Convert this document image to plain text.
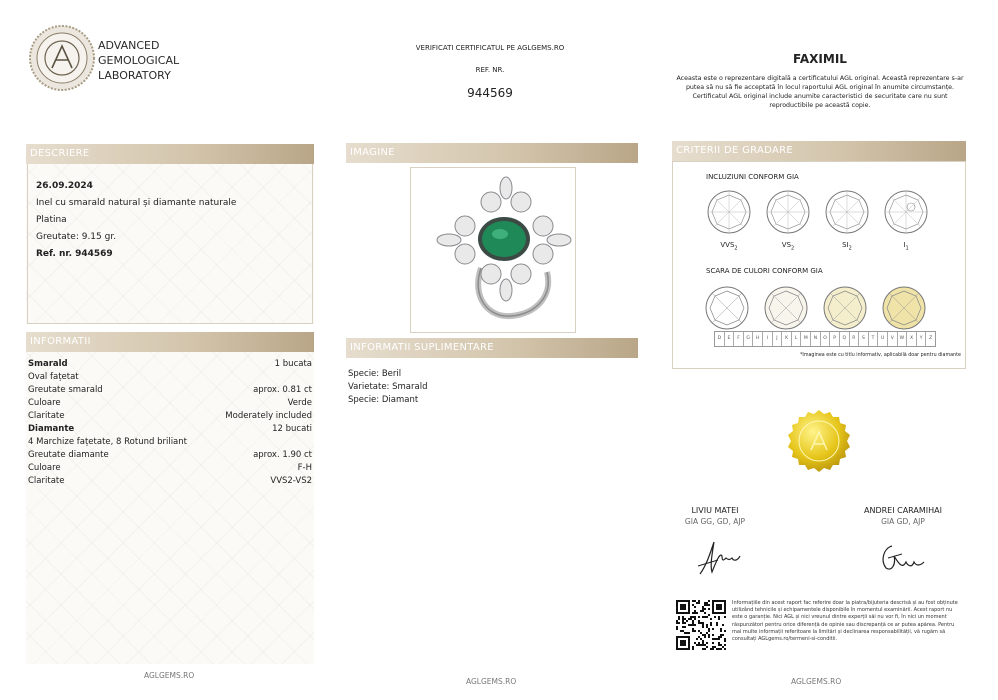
ADVANCED
GEMOLOGICAL
LABORATORY
VERIFICATI CERTIFICATUL PE AGLGEMS.RO
REF. NR.
944569
FAXIMIL
Aceasta este o reprezentare digitală a certificatului AGL original. Această reprezentare s-ar putea să nu să fie acceptată în locul raportului AGL original în anumite circumstanțe. Certificatul AGL original include anumite caracteristici de securitate care nu sunt reproductibile pe această copie.
DESCRIERE
26.09.2024
Inel cu smarald natural și diamante naturale
Platina
Greutate: 9.15 gr.
Ref. nr. 944569
INFORMATII
Smarald	1 bucata
Oval fațetat
Greutate smarald	aprox. 0.81 ct
Culoare	Verde
Claritate	Moderately included
Diamante	12 bucati
4 Marchize fațetate, 8 Rotund briliant
Greutate diamante	aprox. 1.90 ct
Culoare	F-H
Claritate	VVS2-VS2
IMAGINE
INFORMATII SUPLIMENTARE
Specie: Beril
Varietate: Smarald
Specie: Diamant
CRITERII DE GRADARE
INCLUZIUNI CONFORM GIA
$VVS_2$	$VS_2$	$SI_2$	$I_1$
SCARA DE CULORI CONFORM GIA
D	E	F	G	H	I	J	K	L	M	N	O	P	Q	R	S	T	U	V	W	X	Y	Z
*Imaginea este cu titlu informativ, aplicabilă doar pentru diamante
LIVIU MATEI
GIA GG, GD, AJP
ANDREI CARAMIHAI
GIA GD, AJP
Informațiile din acest raport fac referire doar la piatra/bijuteria descrisă și au fost obținute utilizând tehnicile și echipamentele disponibile în momentul examinării. Acest raport nu este o garanție. Nici AGL și nici vreunul dintre experții săi nu vor fi, în nici un moment răspunzători pentru orice diferență de opinie sau discrepanță ce ar putea apărea. Pentru mai multe informații referitoare la limitări și declinarea responsabilității, vă rugăm să consultați AGLgems.ro/termeni-si-conditii.
AGLGEMS.RO
AGLGEMS.RO	AGLGEMS.RO
